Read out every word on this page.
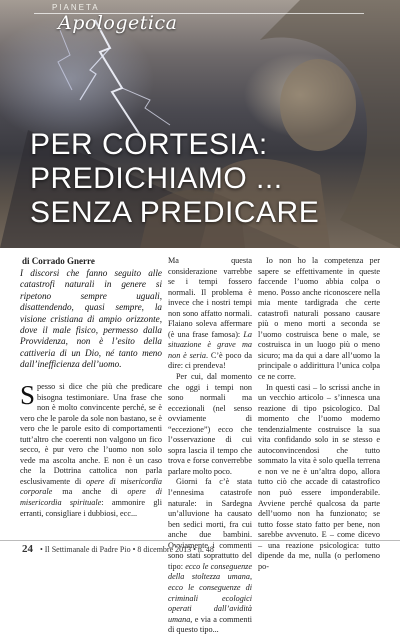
PIANETA
Apologetica
PER CORTESIA:
PREDICHIAMO ...
SENZA PREDICARE
di Corrado Gnerre
I discorsi che fanno seguito alle catastrofi naturali in genere si ripetono sempre uguali, disattendendo, quasi sempre, la visione cristiana di ampio orizzonte, dove il male fisico, permesso dalla Provvidenza, non è l’esito della cattiveria di un Dio, né tanto meno dall’inefficienza dell’uomo.

Spesso si dice che più che predicare bisogna testimoniare. Una frase che non è molto convincente perché, se è vero che le parole da sole non bastano, se è vero che le parole esito di comportamenti tutt’altro che coerenti non valgono un fico secco, è pur vero che l’uomo non solo vede ma ascolta anche. E non è un caso che la Dottrina cattolica non parla esclusivamente di opere di misericordia corporale ma anche di opere di misericordia spirituale: ammonire gli erranti, consigliare i dubbiosi, ecc...

Ma questa considerazione varrebbe se i tempi fossero normali. Il problema è invece che i nostri tempi non sono affatto normali. Flaiano soleva affermare (è una frase famosa): La situazione è grave ma non è seria. C’è poco da dire: ci prendeva!

Per cui, dal momento che oggi i tempi non sono normali ma eccezionali (nel senso ovviamente di “eccezione”) ecco che l’osservazione di cui sopra lascia il tempo che trova e forse converrebbe parlare molto poco.

Giorni fa c’è stata l’ennesima catastrofe naturale: in Sardegna un’alluvione ha causato ben sedici morti, fra cui anche due bambini. Ovviamente i commenti sono stati soprattutto del tipo: ecco le conseguenze della stoltezza umana, ecco le conseguenze di criminali ecologici operati dall’avidità umana, e via a commenti di questo tipo...

Io non ho la competenza per sapere se effettivamente in queste faccende l’uomo abbia colpa o meno. Posso anche riconoscere nella mia mente tardigrada che certe catastrofi naturali possano causare più o meno morti a seconda se l’uomo costruisca bene o male, se costruisca in un luogo più o meno sicuro; ma da qui a dare all’uomo la principale o addirittura l’unica colpa ce ne corre.

In questi casi – lo scrissi anche in un vecchio articolo – s’innesca una reazione di tipo psicologico. Dal momento che l’uomo moderno tendenzialmente costruisce la sua vita confidando solo in se stesso e autoconvincendosi che tutto sommato la vita è solo quella terrena e non ve ne è un’altra dopo, allora tutto ciò che accade di catastrofico non può essere imponderabile. Avviene perché qualcosa da parte dell’uomo non ha funzionato; se tutto fosse stato fatto per bene, non sarebbe avvenuto. E – come dicevo – una reazione psicologica: tutto dipende da me, nulla (o perlomeno po-

24 • Il Settimanale di Padre Pio • 8 dicembre 2013 • n. 48
